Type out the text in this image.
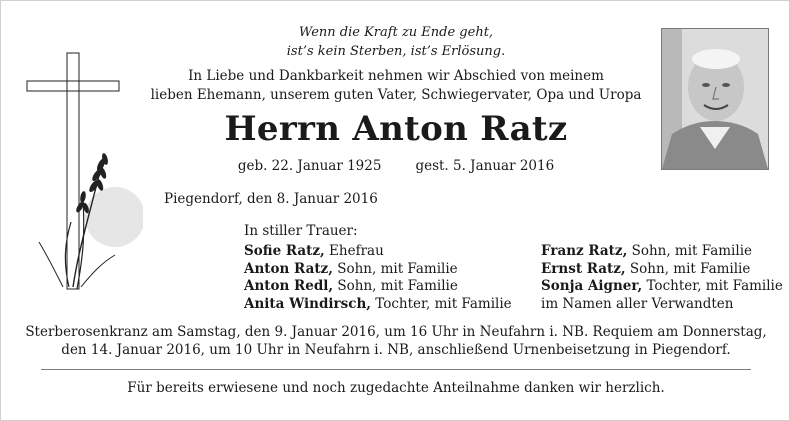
Wenn die Kraft zu Ende geht,
ist’s kein Sterben, ist’s Erlösung.
In Liebe und Dankbarkeit nehmen wir Abschied von meinem
lieben Ehemann, unserem guten Vater, Schwiegervater, Opa und Uropa
Herrn Anton Ratz
geb. 22. Januar 1925	gest. 5. Januar 2016
Piegendorf, den 8. Januar 2016
In stiller Trauer:
Sofie Ratz, Ehefrau
Anton Ratz, Sohn, mit Familie
Anton Redl, Sohn, mit Familie
Anita Windirsch, Tochter, mit Familie
Franz Ratz, Sohn, mit Familie
Ernst Ratz, Sohn, mit Familie
Sonja Aigner, Tochter, mit Familie
im Namen aller Verwandten
Sterberosenkranz am Samstag, den 9. Januar 2016, um 16 Uhr in Neufahrn i. NB. Requiem am Donnerstag,
den 14. Januar 2016, um 10 Uhr in Neufahrn i. NB, anschließend Urnenbeisetzung in Piegendorf.
Für bereits erwiesene und noch zugedachte Anteilnahme danken wir herzlich.
